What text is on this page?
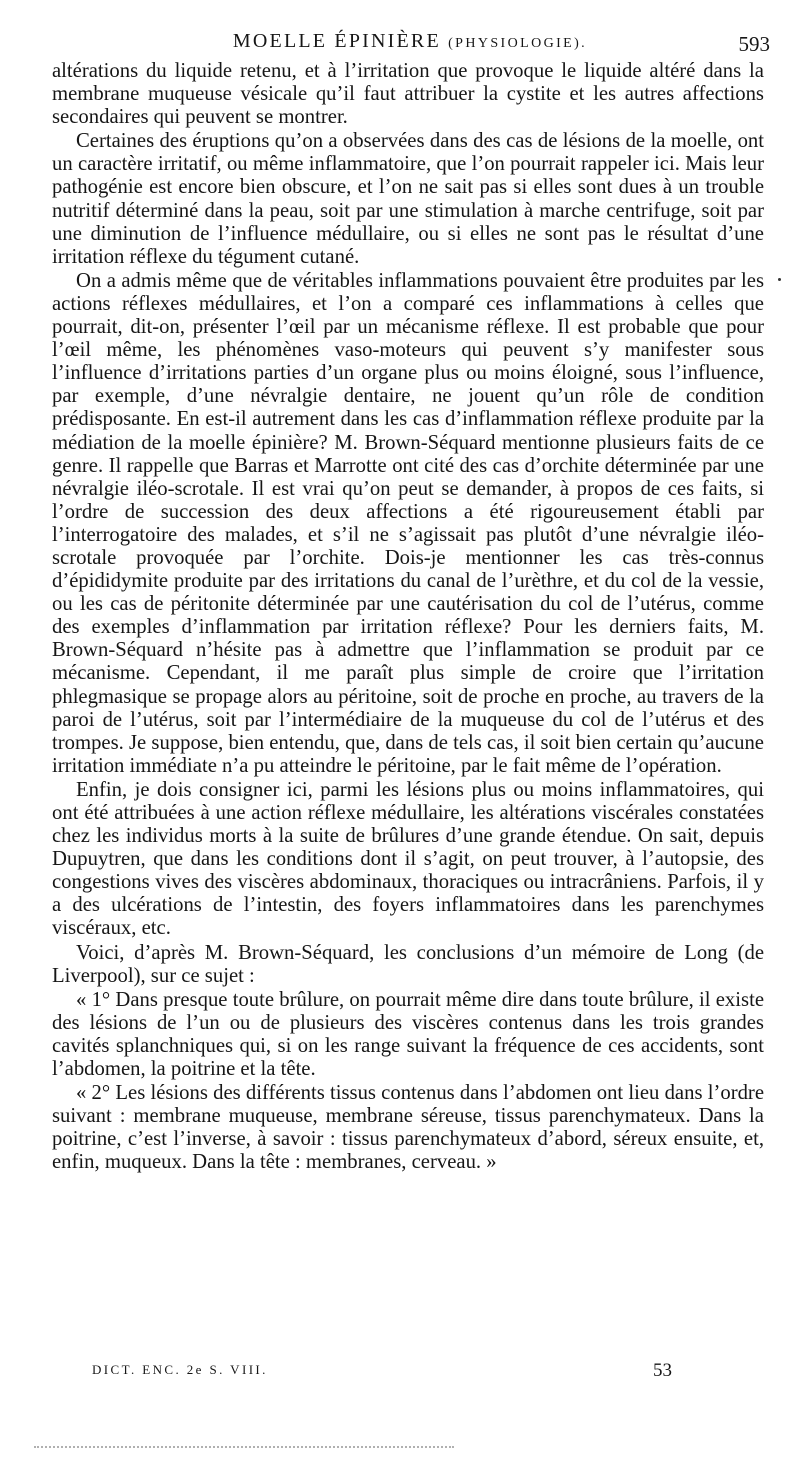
MOELLE ÉPINIÈRE (PHYSIOLOGIE).	593

altérations du liquide retenu, et à l’irritation que provoque le liquide altéré dans la membrane muqueuse vésicale qu’il faut attribuer la cystite et les autres affections secondaires qui peuvent se montrer.

Certaines des éruptions qu’on a observées dans des cas de lésions de la moelle, ont un caractère irritatif, ou même inflammatoire, que l’on pourrait rappeler ici. Mais leur pathogénie est encore bien obscure, et l’on ne sait pas si elles sont dues à un trouble nutritif déterminé dans la peau, soit par une stimulation à marche centrifuge, soit par une diminution de l’influence médullaire, ou si elles ne sont pas le résultat d’une irritation réflexe du tégument cutané.

On a admis même que de véritables inflammations pouvaient être produites par les actions réflexes médullaires, et l’on a comparé ces inflammations à celles que pourrait, dit-on, présenter l’œil par un mécanisme réflexe. Il est probable que pour l’œil même, les phénomènes vaso-moteurs qui peuvent s’y manifester sous l’influence d’irritations parties d’un organe plus ou moins éloigné, sous l’influence, par exemple, d’une névralgie dentaire, ne jouent qu’un rôle de condition prédisposante. En est-il autrement dans les cas d’inflammation réflexe produite par la médiation de la moelle épinière? M. Brown-Séquard mentionne plusieurs faits de ce genre. Il rappelle que Barras et Marrotte ont cité des cas d’orchite déterminée par une névralgie iléo-scrotale. Il est vrai qu’on peut se demander, à propos de ces faits, si l’ordre de succession des deux affections a été rigoureusement établi par l’interrogatoire des malades, et s’il ne s’agissait pas plutôt d’une névralgie iléo-scrotale provoquée par l’orchite. Dois-je mentionner les cas très-connus d’épididymite produite par des irritations du canal de l’urèthre, et du col de la vessie, ou les cas de péritonite déterminée par une cautérisation du col de l’utérus, comme des exemples d’inflammation par irritation réflexe? Pour les derniers faits, M. Brown-Séquard n’hésite pas à admettre que l’inflammation se produit par ce mécanisme. Cependant, il me paraît plus simple de croire que l’irritation phlegmasique se propage alors au péritoine, soit de proche en proche, au travers de la paroi de l’utérus, soit par l’intermédiaire de la muqueuse du col de l’utérus et des trompes. Je suppose, bien entendu, que, dans de tels cas, il soit bien certain qu’aucune irritation immédiate n’a pu atteindre le péritoine, par le fait même de l’opération.

Enfin, je dois consigner ici, parmi les lésions plus ou moins inflammatoires, qui ont été attribuées à une action réflexe médullaire, les altérations viscérales constatées chez les individus morts à la suite de brûlures d’une grande étendue. On sait, depuis Dupuytren, que dans les conditions dont il s’agit, on peut trouver, à l’autopsie, des congestions vives des viscères abdominaux, thoraciques ou intracrâniens. Parfois, il y a des ulcérations de l’intestin, des foyers inflammatoires dans les parenchymes viscéraux, etc.

Voici, d’après M. Brown-Séquard, les conclusions d’un mémoire de Long (de Liverpool), sur ce sujet :

« 1° Dans presque toute brûlure, on pourrait même dire dans toute brûlure, il existe des lésions de l’un ou de plusieurs des viscères contenus dans les trois grandes cavités splanchniques qui, si on les range suivant la fréquence de ces accidents, sont l’abdomen, la poitrine et la tête.

« 2° Les lésions des différents tissus contenus dans l’abdomen ont lieu dans l’ordre suivant : membrane muqueuse, membrane séreuse, tissus parenchymateux. Dans la poitrine, c’est l’inverse, à savoir : tissus parenchymateux d’abord, séreux ensuite, et, enfin, muqueux. Dans la tête : membranes, cerveau. »

DICT. ENC. 2e S. VIII.	53
